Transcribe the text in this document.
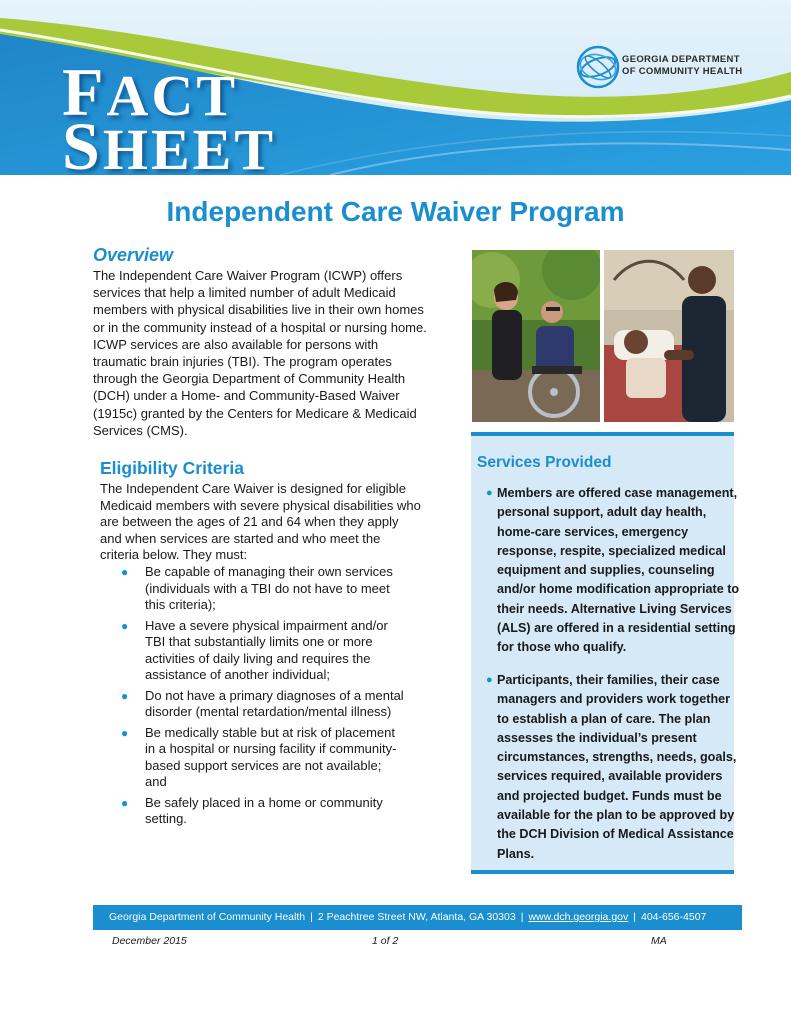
FACT
SHEET
GEORGIA DEPARTMENT
OF COMMUNITY HEALTH
Independent Care Waiver Program
Overview
The Independent Care Waiver Program (ICWP) offers services that help a limited number of adult Medicaid members with physical disabilities live in their own homes or in the community instead of a hospital or nursing home. ICWP services are also available for persons with traumatic brain injuries (TBI). The program operates through the Georgia Department of Community Health (DCH) under a Home- and Community-Based Waiver (1915c) granted by the Centers for Medicare & Medicaid Services (CMS).
Eligibility Criteria
The Independent Care Waiver is designed for eligible Medicaid members with severe physical disabilities who are between the ages of 21 and 64 when they apply and when services are started and who meet the criteria below. They must:
● Be capable of managing their own services (individuals with a TBI do not have to meet this criteria);
● Have a severe physical impairment and/or TBI that substantially limits one or more activities of daily living and requires the assistance of another individual;
● Do not have a primary diagnoses of a mental disorder (mental retardation/mental illness)
● Be medically stable but at risk of placement in a hospital or nursing facility if community-based support services are not available; and
● Be safely placed in a home or community setting.
Services Provided
● Members are offered case management, personal support, adult day health, home-care services, emergency response, respite, specialized medical equipment and supplies, counseling and/or home modification appropriate to their needs. Alternative Living Services (ALS) are offered in a residential setting for those who qualify.
● Participants, their families, their case managers and providers work together to establish a plan of care. The plan assesses the individual’s present circumstances, strengths, needs, goals, services required, available providers and projected budget. Funds must be available for the plan to be approved by the DCH Division of Medical Assistance Plans.
Georgia Department of Community Health | 2 Peachtree Street NW, Atlanta, GA 30303 | www.dch.georgia.gov | 404-656-4507
December 2015	1 of 2	MA
